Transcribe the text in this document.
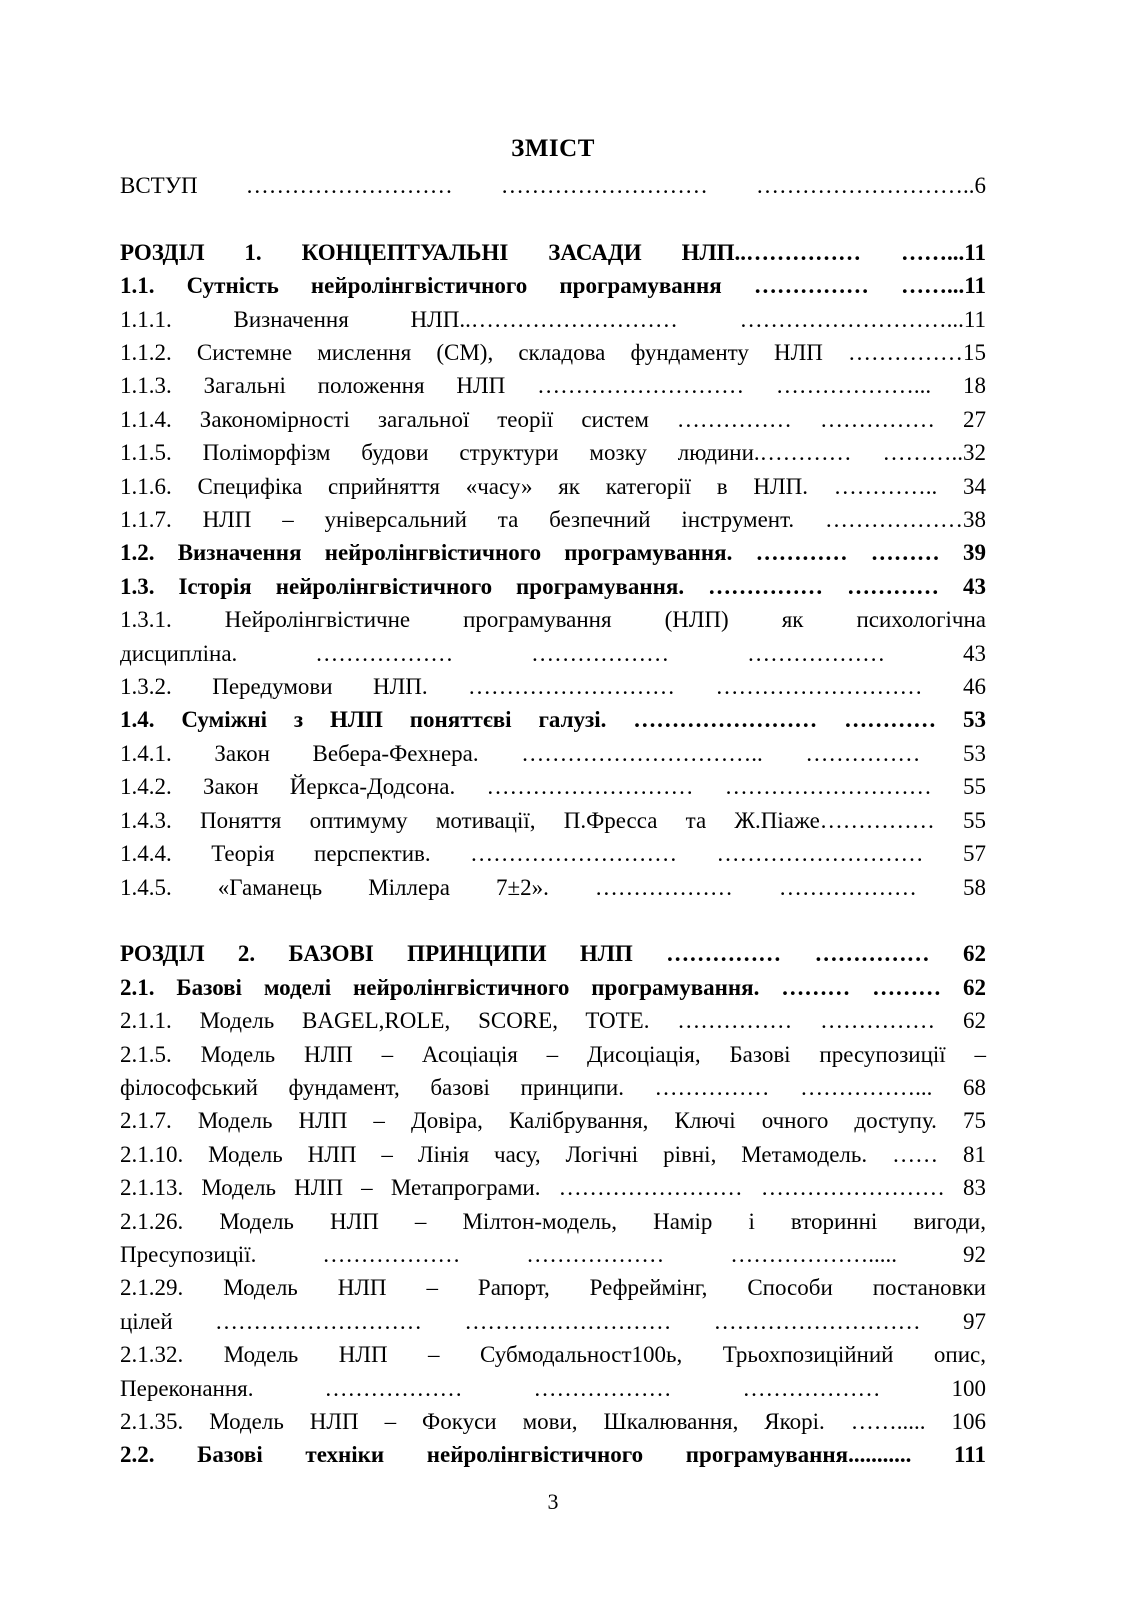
ЗМІСТ
ВСТУП ……………………… ……………………… ………………………..6
РОЗДІЛ 1. КОНЦЕПТУАЛЬНІ ЗАСАДИ НЛП..…………… ……...11
1.1. Сутність нейролінгвістичного програмування …………… ……...11
1.1.1. Визначення НЛП..……………………… ………………………...11
1.1.2. Системне мислення (СМ), складова фундаменту НЛП ……………15
1.1.3. Загальні положення НЛП ……………………… ………………... 18
1.1.4. Закономірності загальної теорії систем …………… …………… 27
1.1.5. Поліморфізм будови структури мозку людини.………… ………..32
1.1.6. Специфіка сприйняття «часу» як категорії в НЛП. ………….. 34
1.1.7. НЛП – універсальний та безпечний інструмент. ………………38
1.2. Визначення нейролінгвістичного програмування. ………… ……… 39
1.3. Історія нейролінгвістичного програмування. …………… ………… 43
1.3.1. Нейролінгвістичне програмування (НЛП) як психологічна
дисципліна. ……………… ……………… ……………… 43
1.3.2. Передумови НЛП. ……………………… ……………………… 46
1.4. Суміжні з НЛП поняттєві галузі. …………………… ………… 53
1.4.1. Закон Вебера-Фехнера. ………………………….. …………… 53
1.4.2. Закон Йеркса-Додсона. ……………………… ……………………… 55
1.4.3. Поняття оптимуму мотивації, П.Фресса та Ж.Піаже…………… 55
1.4.4. Теорія перспектив. ……………………… ……………………… 57
1.4.5. «Гаманець Міллера 7±2». ……………… ……………… 58
РОЗДІЛ 2. БАЗОВІ ПРИНЦИПИ НЛП …………… …………… 62
2.1. Базові моделі нейролінгвістичного програмування. ……… ……… 62
2.1.1. Модель BAGEL,ROLE, SCORE, TOTE. …………… …………… 62
2.1.5. Модель НЛП – Асоціація – Дисоціація, Базові пресупозиції –
філософський фундамент, базові принципи. …………… ……………... 68
2.1.7. Модель НЛП – Довіра, Калібрування, Ключі очного доступу. 75
2.1.10. Модель НЛП – Лінія часу, Логічні рівні, Метамодель. …… 81
2.1.13. Модель НЛП – Метапрограми. …………………… …………………… 83
2.1.26. Модель НЛП – Мілтон-модель, Намір і вторинні вигоди,
Пресупозиції. ……………… ……………… ………………..... 92
2.1.29. Модель НЛП – Рапорт, Рефреймінг, Способи постановки
цілей ……………………… ……………………… ……………………… 97
2.1.32. Модель НЛП – Субмодальност100ь, Трьохпозиційний опис,
Переконання. ……………… ……………… ……………… 100
2.1.35. Модель НЛП – Фокуси мови, Шкалювання, Якорі. ……..... 106
2.2. Базові техніки нейролінгвістичного програмування........... 111
3
